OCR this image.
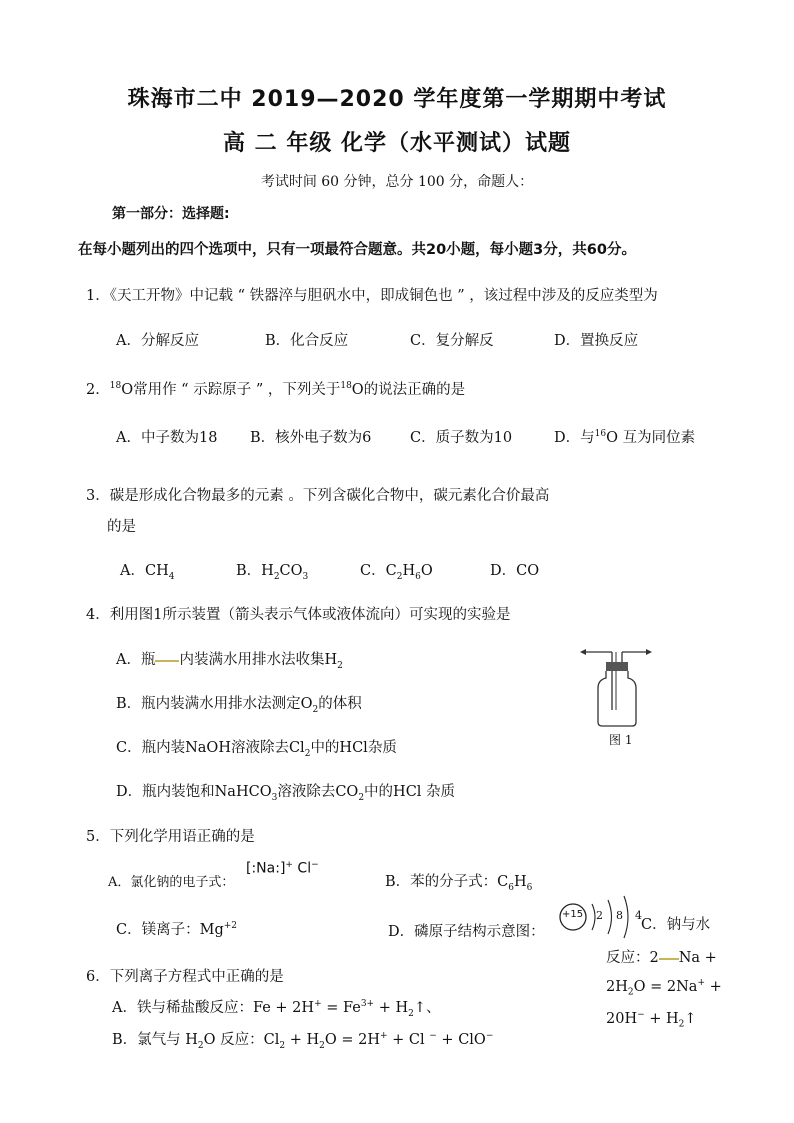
珠海市二中 2019—2020 学年度第一学期期中考试
高 二 年级 化学（水平测试）试题
考试时间 60 分钟，总分 100 分，命题人：
第一部分：选择题:
在每小题列出的四个选项中，只有一项最符合题意。共20小题，每小题3分，共60分。
1．《天工开物》中记载 “ 铁器淬与胆矾水中，即成铜色也 ” ，该过程中涉及的反应类型为
A．分解反应	B．化合反应	C．复分解反	D．置换反应
2．$^{18}$O常用作 “ 示踪原子 ” ，下列关于$^{18}$O的说法正确的是
A．中子数为18 B．核外电子数为6	C．质子数为10	D．与$^{16}$O 互为同位素
3．碳是形成化合物最多的元素 。下列含碳化合物中，碳元素化合价最高
的是
A．$CH_4$	B．$H_2CO_3$	C．$C_2H_6O$	D．CO
4．利用图1所示装置（箭头表示气体或液体流向）可实现的实验是
A．瓶 内装满水用排水法收集$H_2$
B．瓶内装满水用排水法测定$O_2$的体积
C．瓶内装NaOH溶液除去$Cl_2$中的HCl杂质
D．瓶内装饱和NaHCO$_3$溶液除去$CO_2$中的HCl 杂质
图 1
5．下列化学用语正确的是
A．氯化钠的电子式：
[:Na:]+ Cl−
B．苯的分子式：$C_6H_6$
C．镁离子：$Mg^{+2}$	D．磷原子结构示意图：
+15 2 8 4
C．钠与水
反应：2 Na +
$2H_2O = 2Na^+$ +
$20H^- + H_2↑$
6．下列离子方程式中正确的是
A．铁与稀盐酸反应：$Fe + 2H^+ = Fe^{3+}$ + $H_2↑$、
B．氯气与 $H_2O$ 反应：$Cl_2 + H_2O = 2H^+ + Cl$ − + ClO−
